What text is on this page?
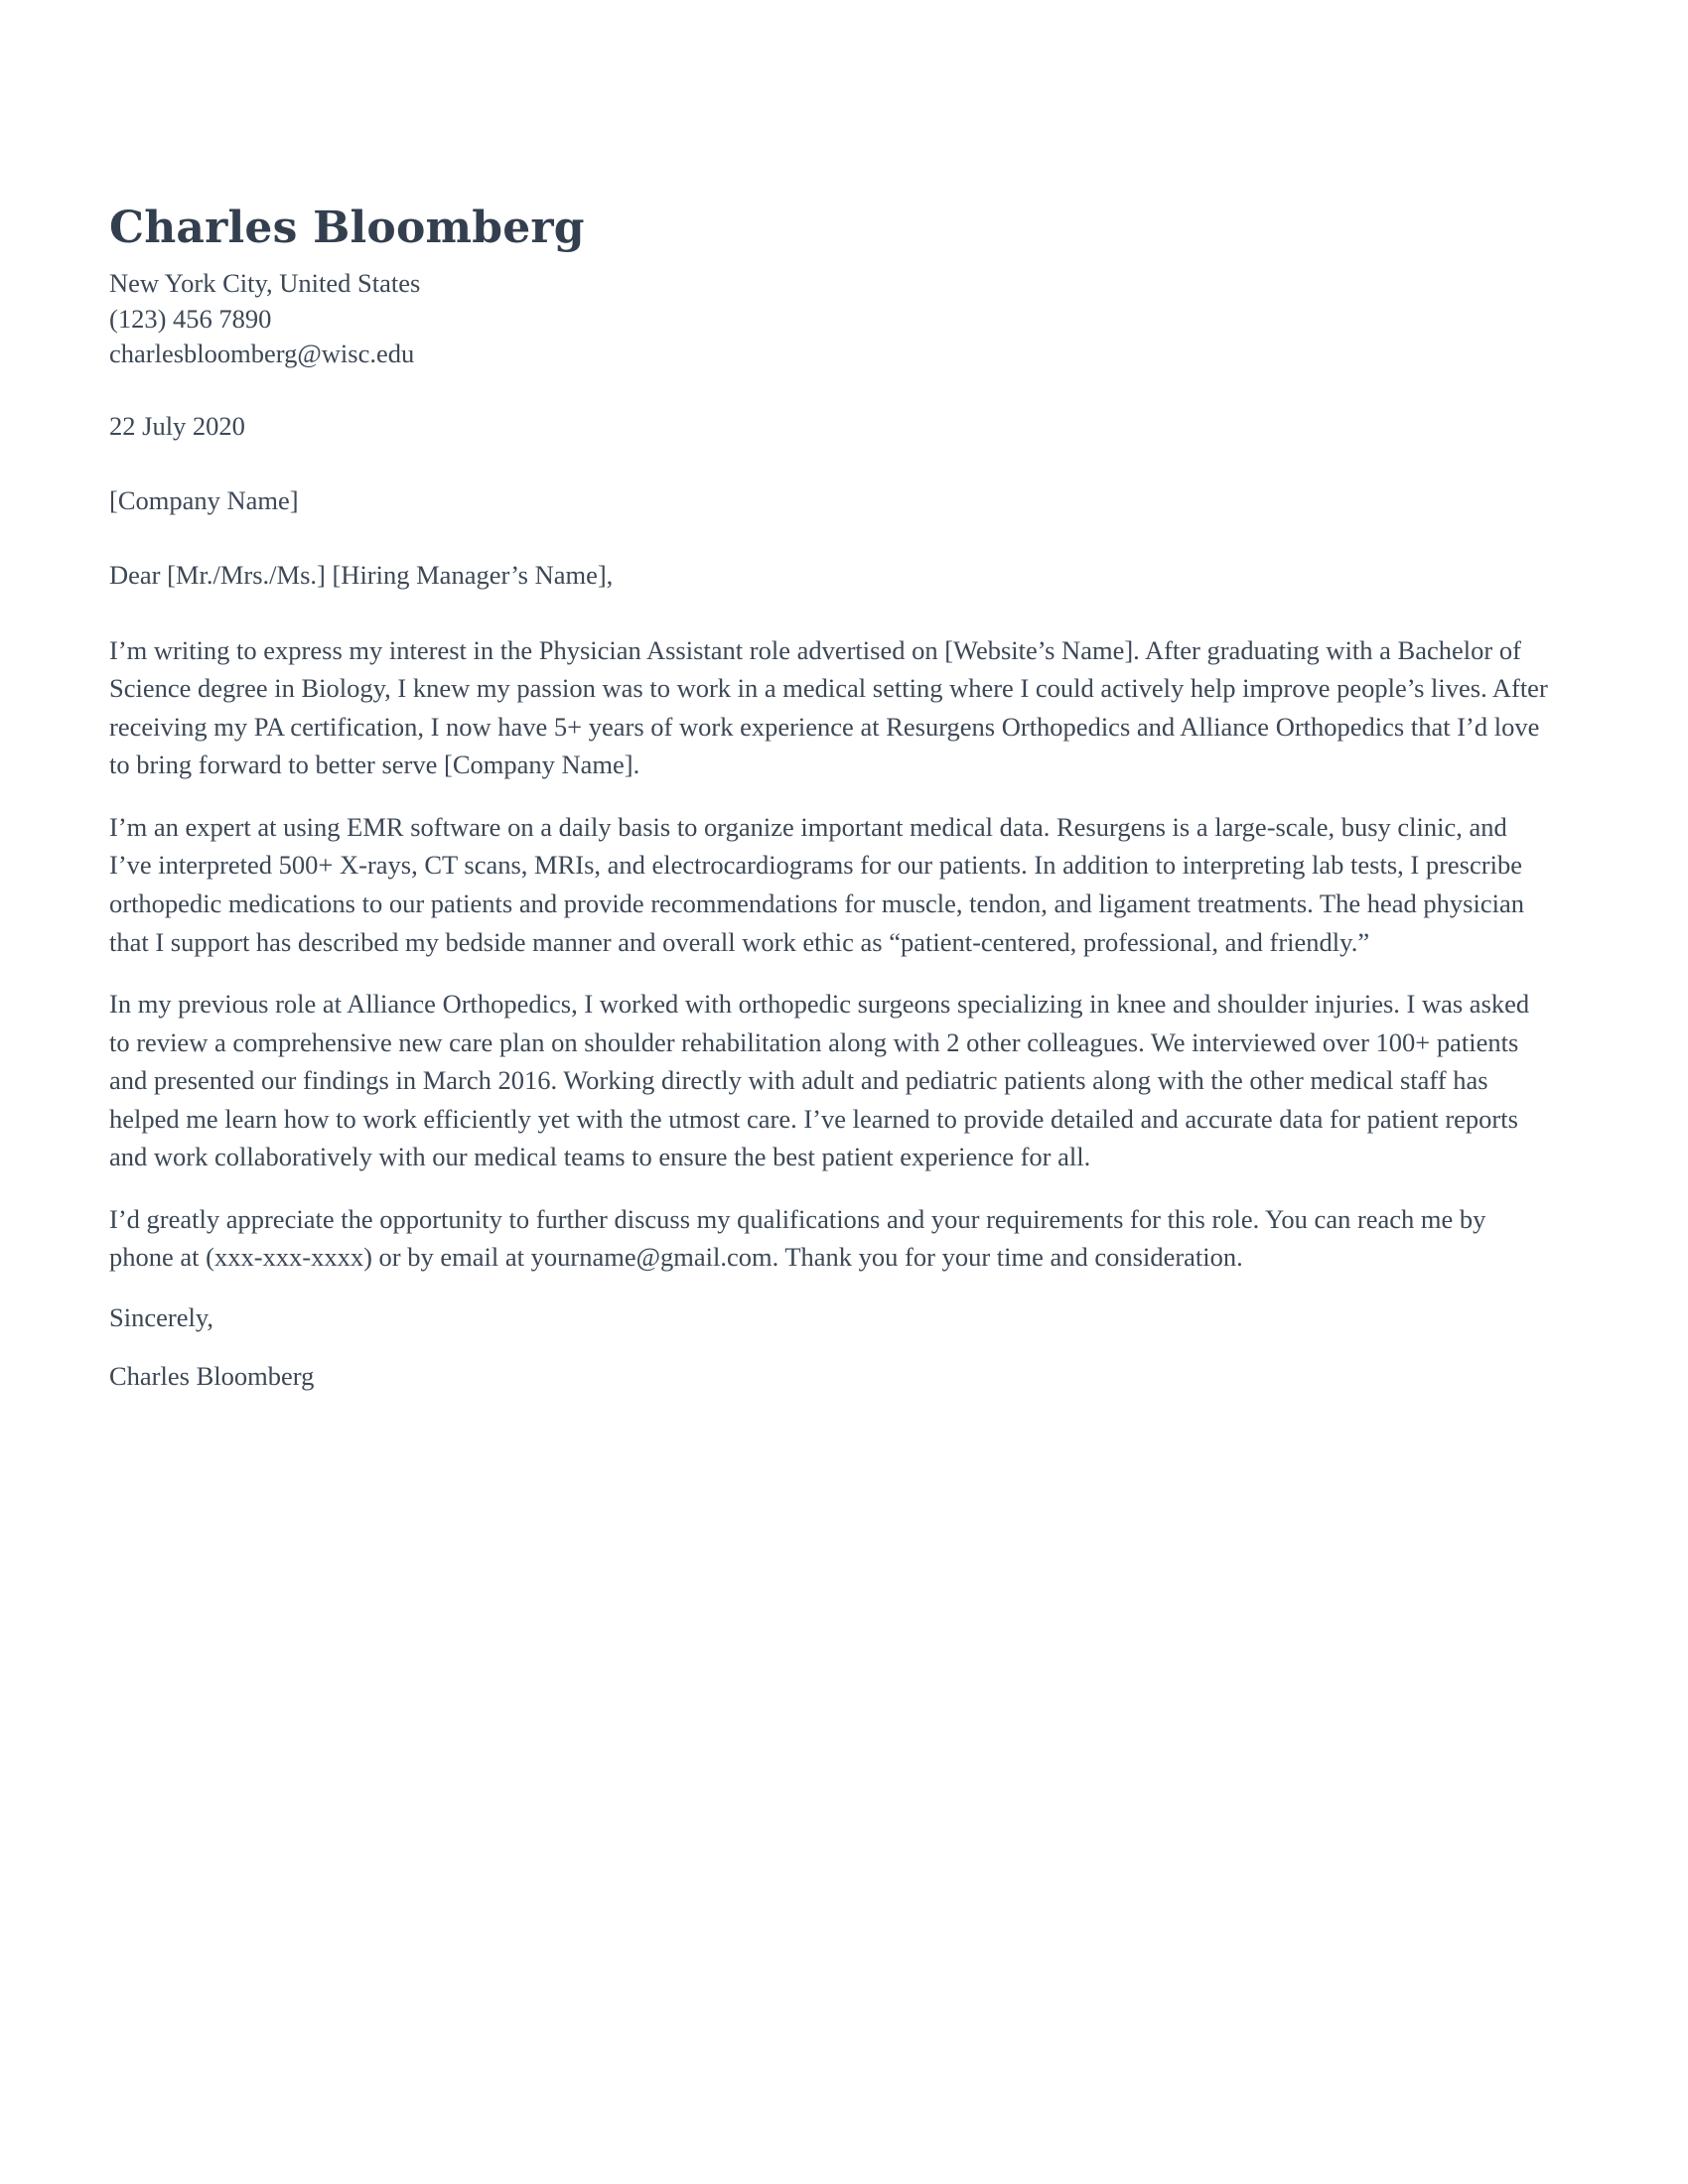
Charles Bloomberg

New York City, United States

(123) 456 7890

charlesbloomberg@wisc.edu

22 July 2020

[Company Name]

Dear [Mr./Mrs./Ms.] [Hiring Manager’s Name],

I’m writing to express my interest in the Physician Assistant role advertised on [Website’s Name]. After graduating with a Bachelor of Science degree in Biology, I knew my passion was to work in a medical setting where I could actively help improve people’s lives. After receiving my PA certification, I now have 5+ years of work experience at Resurgens Orthopedics and Alliance Orthopedics that I’d love to bring forward to better serve [Company Name].

I’m an expert at using EMR software on a daily basis to organize important medical data. Resurgens is a large-scale, busy clinic, and I’ve interpreted 500+ X-rays, CT scans, MRIs, and electrocardiograms for our patients. In addition to interpreting lab tests, I prescribe orthopedic medications to our patients and provide recommendations for muscle, tendon, and ligament treatments. The head physician that I support has described my bedside manner and overall work ethic as “patient-centered, professional, and friendly.”

In my previous role at Alliance Orthopedics, I worked with orthopedic surgeons specializing in knee and shoulder injuries. I was asked to review a comprehensive new care plan on shoulder rehabilitation along with 2 other colleagues. We interviewed over 100+ patients and presented our findings in March 2016. Working directly with adult and pediatric patients along with the other medical staff has helped me learn how to work efficiently yet with the utmost care. I’ve learned to provide detailed and accurate data for patient reports and work collaboratively with our medical teams to ensure the best patient experience for all.

I’d greatly appreciate the opportunity to further discuss my qualifications and your requirements for this role. You can reach me by phone at (xxx-xxx-xxxx) or by email at yourname@gmail.com. Thank you for your time and consideration.

Sincerely,

Charles Bloomberg
